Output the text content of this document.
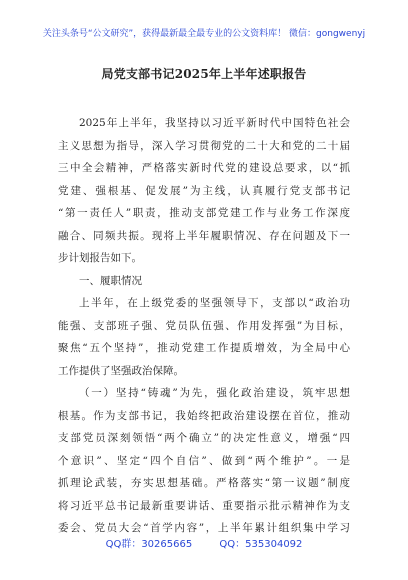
关注头条号“公文研究”，获得最新最全最专业的公文资料库！ 微信：gongwenyj
局党支部书记2025年上半年述职报告
2025年上半年，我坚持以习近平新时代中国特色社会
主义思想为指导，深入学习贯彻党的二十大和党的二十届
三中全会精神，严格落实新时代党的建设总要求，以“抓
党建、强根基、促发展”为主线，认真履行党支部书记
“第一责任人”职责，推动支部党建工作与业务工作深度
融合、同频共振。现将上半年履职情况、存在问题及下一
步计划报告如下。
一、履职情况
上半年，在上级党委的坚强领导下，支部以“政治功
能强、支部班子强、党员队伍强、作用发挥强”为目标，
聚焦“五个坚持”，推动党建工作提质增效，为全局中心
工作提供了坚强政治保障。
（一）坚持“铸魂”为先，强化政治建设，筑牢思想
根基。作为支部书记，我始终把政治建设摆在首位，推动
支部党员深刻领悟“两个确立”的决定性意义，增强“四
个意识”、坚定“四个自信”、做到“两个维护”。一是
抓理论武装，夯实思想基础。严格落实“第一议题”制度
将习近平总书记最新重要讲话、重要指示批示精神作为支
委会、党员大会“首学内容”，上半年累计组织集中学习
QQ群：30265665	QQ：535304092
